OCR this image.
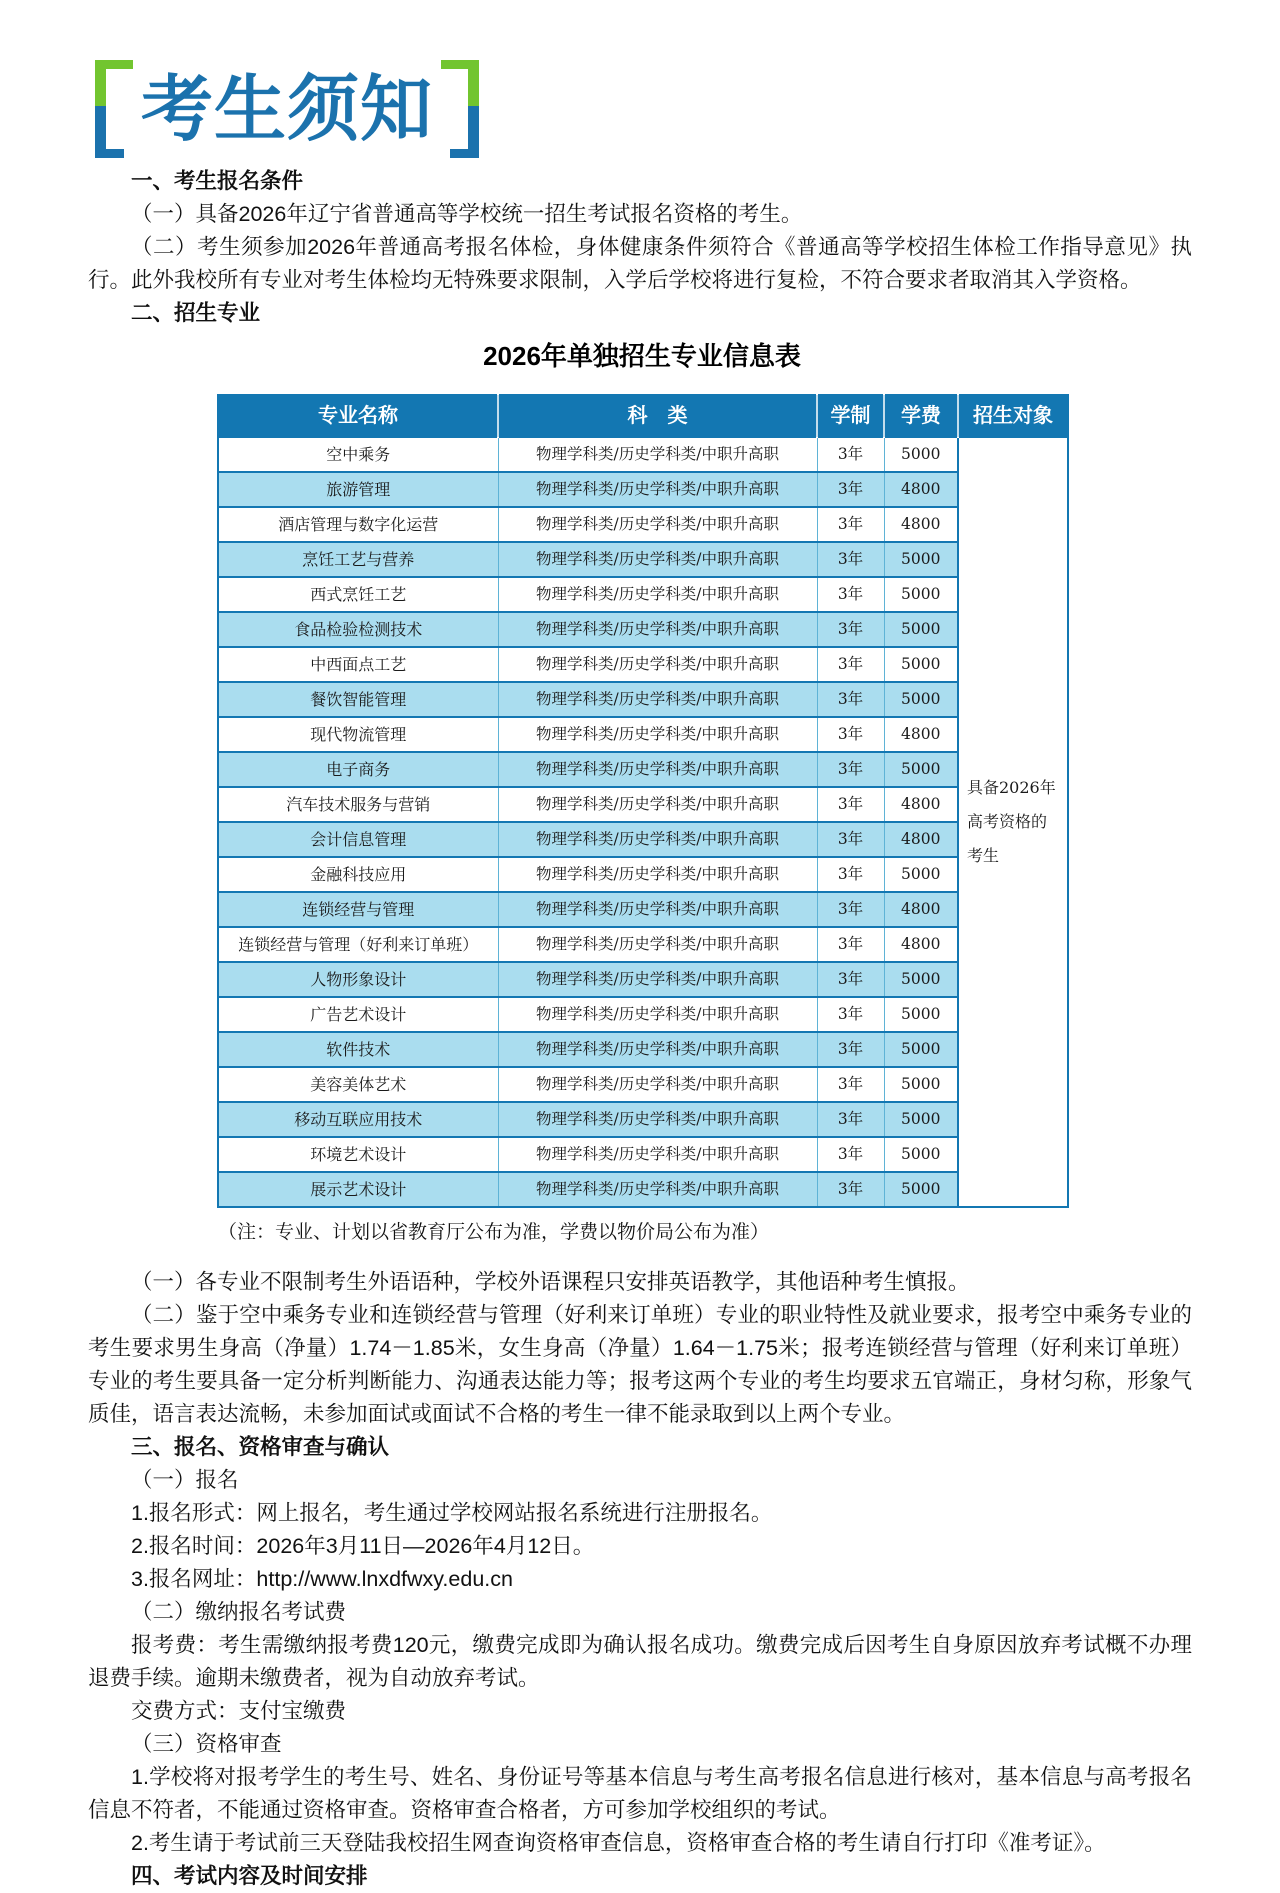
考生须知
一、考生报名条件
（一）具备2026年辽宁省普通高等学校统一招生考试报名资格的考生。
（二）考生须参加2026年普通高考报名体检，身体健康条件须符合《普通高等学校招生体检工作指导意见》执行。此外我校所有专业对考生体检均无特殊要求限制，入学后学校将进行复检，不符合要求者取消其入学资格。
二、招生专业
2026年单独招生专业信息表
专业名称	科　类	学制	学费	招生对象
空中乘务	物理学科类/历史学科类/中职升高职	3年	5000	具备2026年高考资格的考生
旅游管理	物理学科类/历史学科类/中职升高职	3年	4800	
酒店管理与数字化运营	物理学科类/历史学科类/中职升高职	3年	4800	
烹饪工艺与营养	物理学科类/历史学科类/中职升高职	3年	5000	
西式烹饪工艺	物理学科类/历史学科类/中职升高职	3年	5000	
食品检验检测技术	物理学科类/历史学科类/中职升高职	3年	5000	
中西面点工艺	物理学科类/历史学科类/中职升高职	3年	5000	
餐饮智能管理	物理学科类/历史学科类/中职升高职	3年	5000	
现代物流管理	物理学科类/历史学科类/中职升高职	3年	4800	
电子商务	物理学科类/历史学科类/中职升高职	3年	5000	
汽车技术服务与营销	物理学科类/历史学科类/中职升高职	3年	4800	
会计信息管理	物理学科类/历史学科类/中职升高职	3年	4800	
金融科技应用	物理学科类/历史学科类/中职升高职	3年	5000	
连锁经营与管理	物理学科类/历史学科类/中职升高职	3年	4800	
连锁经营与管理（好利来订单班）	物理学科类/历史学科类/中职升高职	3年	4800	
人物形象设计	物理学科类/历史学科类/中职升高职	3年	5000	
广告艺术设计	物理学科类/历史学科类/中职升高职	3年	5000	
软件技术	物理学科类/历史学科类/中职升高职	3年	5000	
美容美体艺术	物理学科类/历史学科类/中职升高职	3年	5000	
移动互联应用技术	物理学科类/历史学科类/中职升高职	3年	5000	
环境艺术设计	物理学科类/历史学科类/中职升高职	3年	5000	
展示艺术设计	物理学科类/历史学科类/中职升高职	3年	5000	
（注：专业、计划以省教育厅公布为准，学费以物价局公布为准）
（一）各专业不限制考生外语语种，学校外语课程只安排英语教学，其他语种考生慎报。
（二）鉴于空中乘务专业和连锁经营与管理（好利来订单班）专业的职业特性及就业要求，报考空中乘务专业的考生要求男生身高（净量）1.74－1.85米，女生身高（净量）1.64－1.75米；报考连锁经营与管理（好利来订单班）专业的考生要具备一定分析判断能力、沟通表达能力等；报考这两个专业的考生均要求五官端正，身材匀称，形象气质佳，语言表达流畅，未参加面试或面试不合格的考生一律不能录取到以上两个专业。
三、报名、资格审查与确认
（一）报名
1.报名形式：网上报名，考生通过学校网站报名系统进行注册报名。
2.报名时间：2026年3月11日—2026年4月12日。
3.报名网址：http://www.lnxdfwxy.edu.cn
（二）缴纳报名考试费
报考费：考生需缴纳报考费120元，缴费完成即为确认报名成功。缴费完成后因考生自身原因放弃考试概不办理退费手续。逾期未缴费者，视为自动放弃考试。
交费方式：支付宝缴费
（三）资格审查
1.学校将对报考学生的考生号、姓名、身份证号等基本信息与考生高考报名信息进行核对，基本信息与高考报名信息不符者，不能通过资格审查。资格审查合格者，方可参加学校组织的考试。
2.考生请于考试前三天登陆我校招生网查询资格审查信息，资格审查合格的考生请自行打印《准考证》。
四、考试内容及时间安排
